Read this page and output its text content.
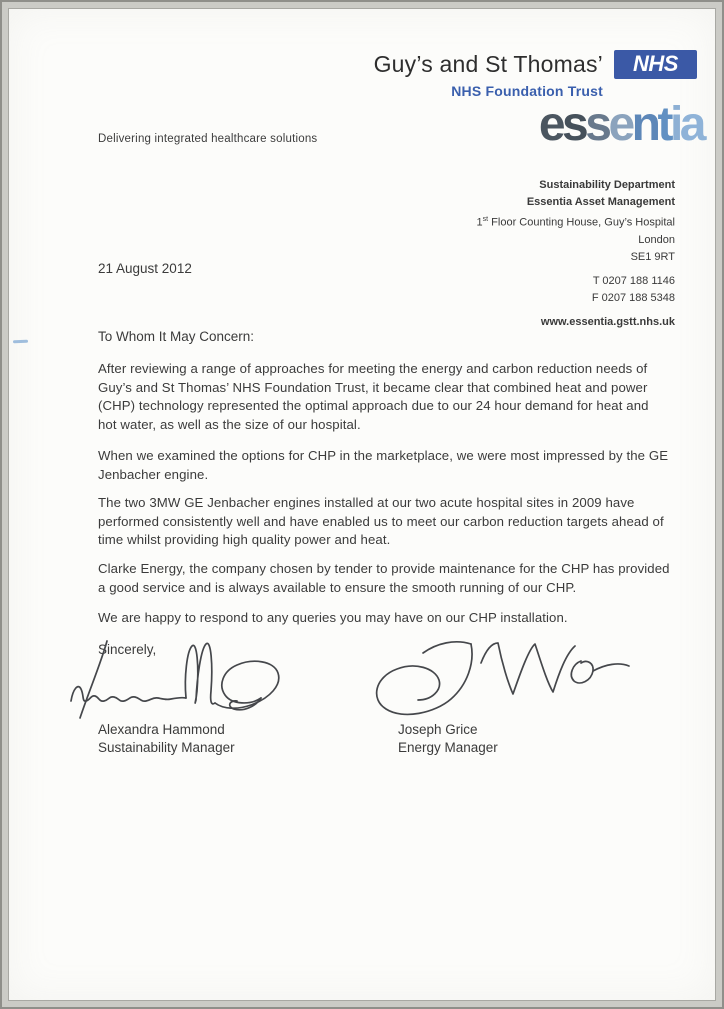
Guy’s and St Thomas’ NHS
NHS Foundation Trust
essentia
Delivering integrated healthcare solutions
Sustainability Department
Essentia Asset Management
1st Floor Counting House, Guy’s Hospital
London
SE1 9RT
T 0207 188 1146
F 0207 188 5348
www.essentia.gstt.nhs.uk
21 August 2012
To Whom It May Concern:

After reviewing a range of approaches for meeting the energy and carbon reduction needs of Guy’s and St Thomas’ NHS Foundation Trust, it became clear that combined heat and power (CHP) technology represented the optimal approach due to our 24 hour demand for heat and hot water, as well as the size of our hospital.

When we examined the options for CHP in the marketplace, we were most impressed by the GE Jenbacher engine.

The two 3MW GE Jenbacher engines installed at our two acute hospital sites in 2009 have performed consistently well and have enabled us to meet our carbon reduction targets ahead of time whilst providing high quality power and heat.

Clarke Energy, the company chosen by tender to provide maintenance for the CHP has provided a good service and is always available to ensure the smooth running of our CHP.

We are happy to respond to any queries you may have on our CHP installation.

Sincerely,
Alexandra Hammond
Sustainability Manager
Joseph Grice
Energy Manager
